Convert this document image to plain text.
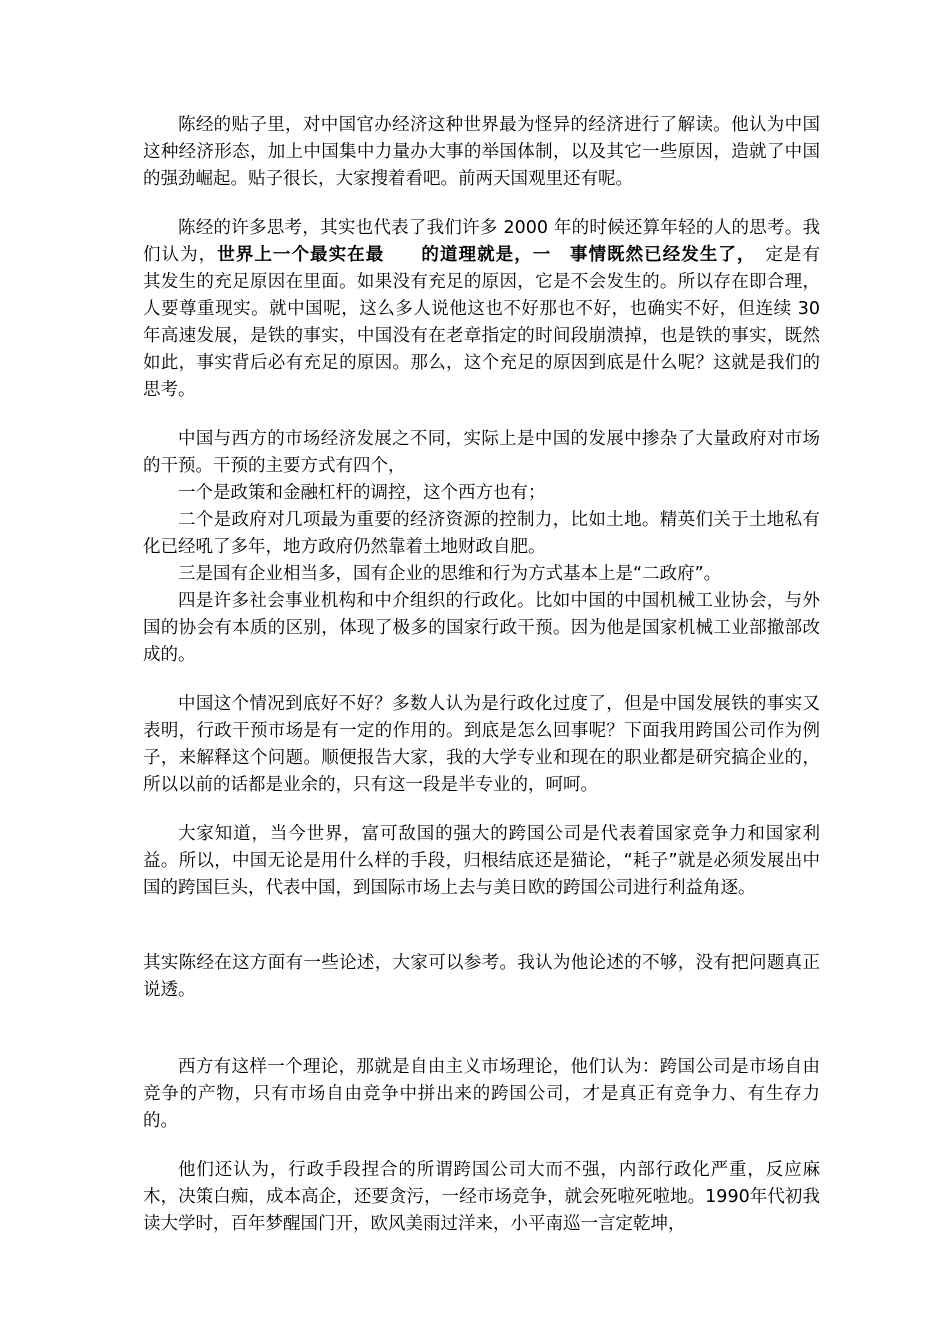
陈经的贴子里，对中国官办经济这种世界最为怪异的经济进行了解读。他认为中国这种经济形态，加上中国集中力量办大事的举国体制，以及其它一些原因，造就了中国的强劲崛起。贴子很长，大家搜着看吧。前两天国观里还有呢。

陈经的许多思考，其实也代表了我们许多 2000 年的时候还算年轻的人的思考。我们认为，世界上一个最实在最　　的道理就是，一　事情既然已经发生了，　定是有　　其发生的充足原因在里面。如果没有充足的原因，它是不会发生的。所以存在即合理，人要尊重现实。就中国呢，这么多人说他这也不好那也不好，也确实不好，但连续 30 年高速发展，是铁的事实，中国没有在老章指定的时间段崩溃掉，也是铁的事实，既然如此，事实背后必有充足的原因。那么，这个充足的原因到底是什么呢？这就是我们的思考。

中国与西方的市场经济发展之不同，实际上是中国的发展中掺杂了大量政府对市场的干预。干预的主要方式有四个，

一个是政策和金融杠杆的调控，这个西方也有；

二个是政府对几项最为重要的经济资源的控制力，比如土地。精英们关于土地私有化已经吼了多年，地方政府仍然靠着土地财政自肥。

三是国有企业相当多，国有企业的思维和行为方式基本上是“二政府”。

四是许多社会事业机构和中介组织的行政化。比如中国的中国机械工业协会，与外国的协会有本质的区别，体现了极多的国家行政干预。因为他是国家机械工业部撤部改成的。

中国这个情况到底好不好？多数人认为是行政化过度了，但是中国发展铁的事实又表明，行政干预市场是有一定的作用的。到底是怎么回事呢？下面我用跨国公司作为例子，来解释这个问题。顺便报告大家，我的大学专业和现在的职业都是研究搞企业的，所以以前的话都是业余的，只有这一段是半专业的，呵呵。

大家知道，当今世界，富可敌国的强大的跨国公司是代表着国家竞争力和国家利益。所以，中国无论是用什么样的手段，归根结底还是猫论，“耗子”就是必须发展出中国的跨国巨头，代表中国，到国际市场上去与美日欧的跨国公司进行利益角逐。

其实陈经在这方面有一些论述，大家可以参考。我认为他论述的不够，没有把问题真正说透。

西方有这样一个理论，那就是自由主义市场理论，他们认为：跨国公司是市场自由竞争的产物，只有市场自由竞争中拼出来的跨国公司，才是真正有竞争力、有生存力的。

他们还认为，行政手段捏合的所谓跨国公司大而不强，内部行政化严重，反应麻木，决策白痴，成本高企，还要贪污，一经市场竞争，就会死啦死啦地。1990年代初我读大学时，百年梦醒国门开，欧风美雨过洋来，小平南巡一言定乾坤，
